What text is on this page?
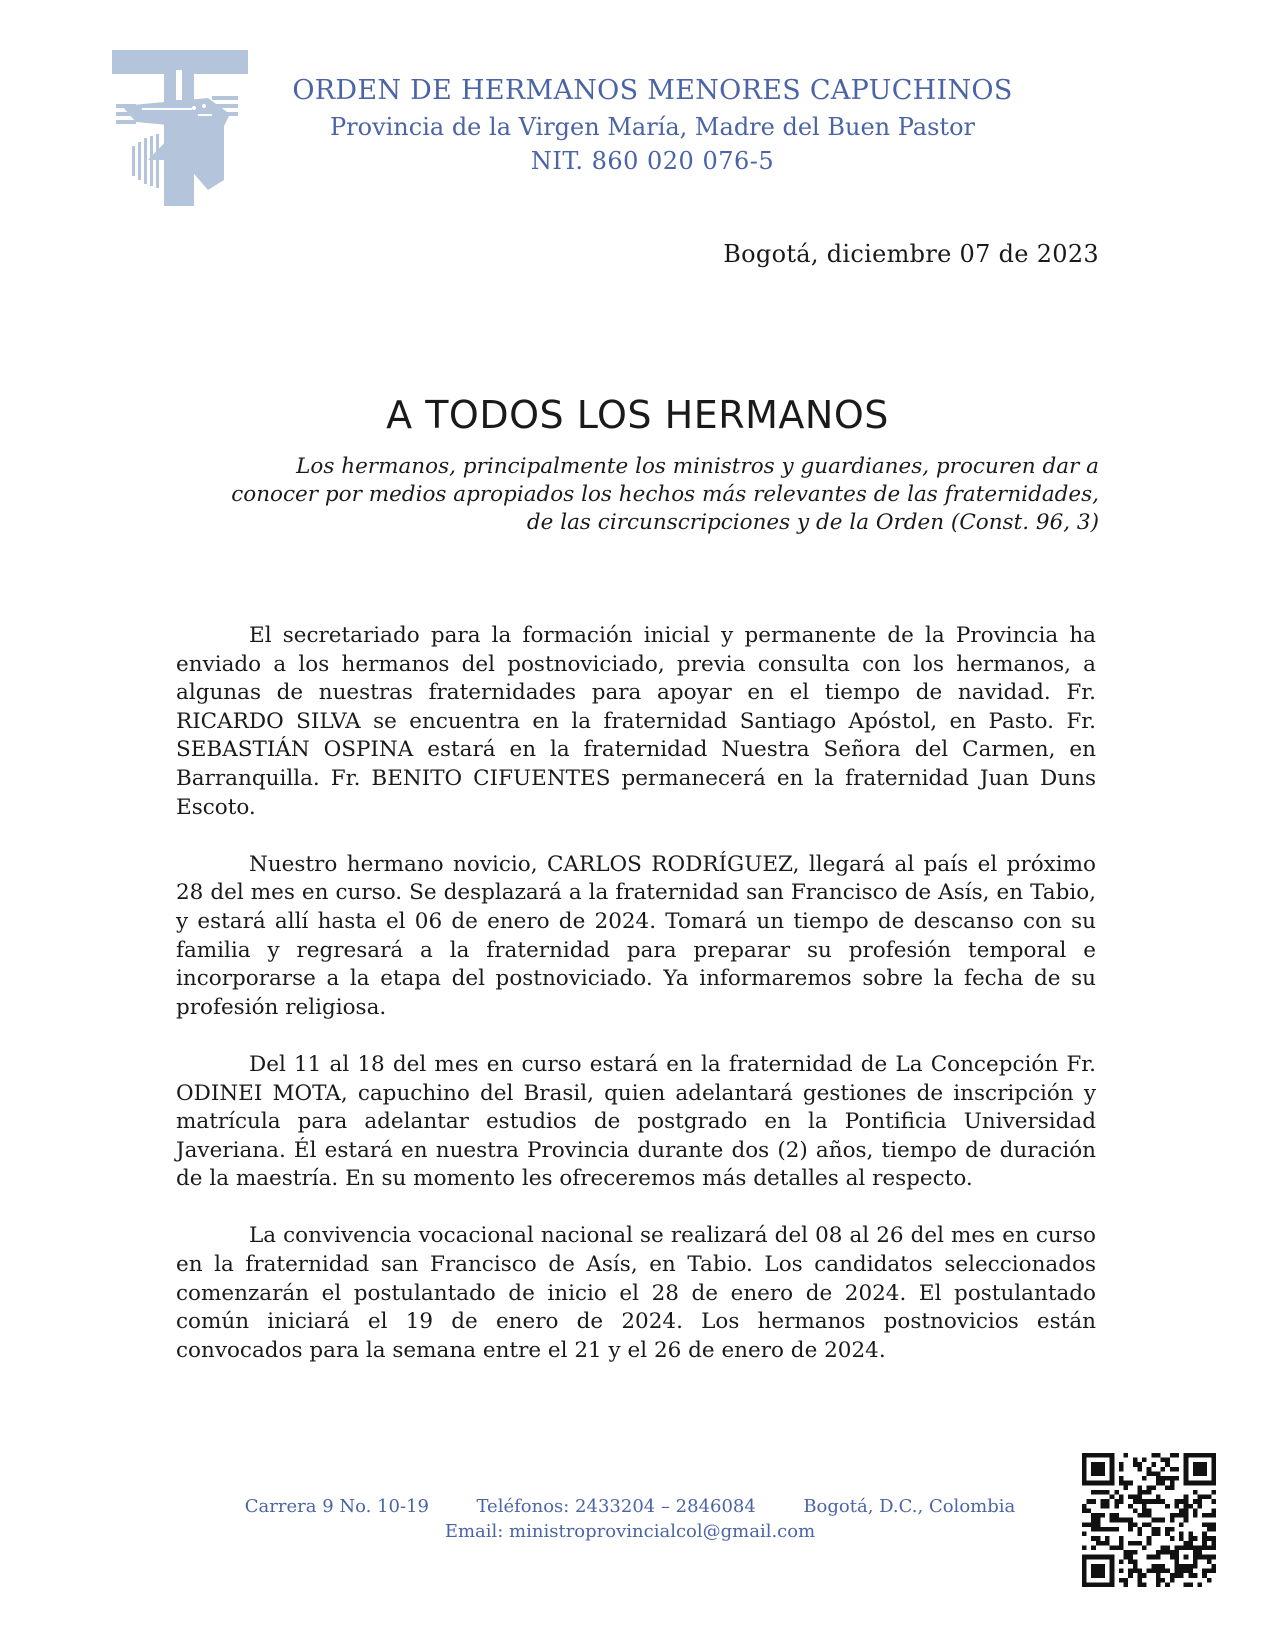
ORDEN DE HERMANOS MENORES CAPUCHINOS
Provincia de la Virgen María, Madre del Buen Pastor
NIT. 860 020 076-5
Bogotá, diciembre 07 de 2023
A TODOS LOS HERMANOS
Los hermanos, principalmente los ministros y guardianes, procuren dar a
conocer por medios apropiados los hechos más relevantes de las fraternidades,
de las circunscripciones y de la Orden (Const. 96, 3)

El secretariado para la formación inicial y permanente de la Provincia ha enviado a los hermanos del postnoviciado, previa consulta con los hermanos, a algunas de nuestras fraternidades para apoyar en el tiempo de navidad. Fr. RICARDO SILVA se encuentra en la fraternidad Santiago Apóstol, en Pasto. Fr. SEBASTIÁN OSPINA estará en la fraternidad Nuestra Señora del Carmen, en Barranquilla. Fr. BENITO CIFUENTES permanecerá en la fraternidad Juan Duns Escoto.

Nuestro hermano novicio, CARLOS RODRÍGUEZ, llegará al país el próximo 28 del mes en curso. Se desplazará a la fraternidad san Francisco de Asís, en Tabio, y estará allí hasta el 06 de enero de 2024. Tomará un tiempo de descanso con su familia y regresará a la fraternidad para preparar su profesión temporal e incorporarse a la etapa del postnoviciado. Ya informaremos sobre la fecha de su profesión religiosa.

Del 11 al 18 del mes en curso estará en la fraternidad de La Concepción Fr. ODINEI MOTA, capuchino del Brasil, quien adelantará gestiones de inscripción y matrícula para adelantar estudios de postgrado en la Pontificia Universidad Javeriana. Él estará en nuestra Provincia durante dos (2) años, tiempo de duración de la maestría. En su momento les ofreceremos más detalles al respecto.

La convivencia vocacional nacional se realizará del 08 al 26 del mes en curso en la fraternidad san Francisco de Asís, en Tabio. Los candidatos seleccionados comenzarán el postulantado de inicio el 28 de enero de 2024. El postulantado común iniciará el 19 de enero de 2024. Los hermanos postnovicios están convocados para la semana entre el 21 y el 26 de enero de 2024.

Carrera 9 No. 10-19	Teléfonos: 2433204 – 2846084	Bogotá, D.C., Colombia
Email: ministroprovincialcol@gmail.com
